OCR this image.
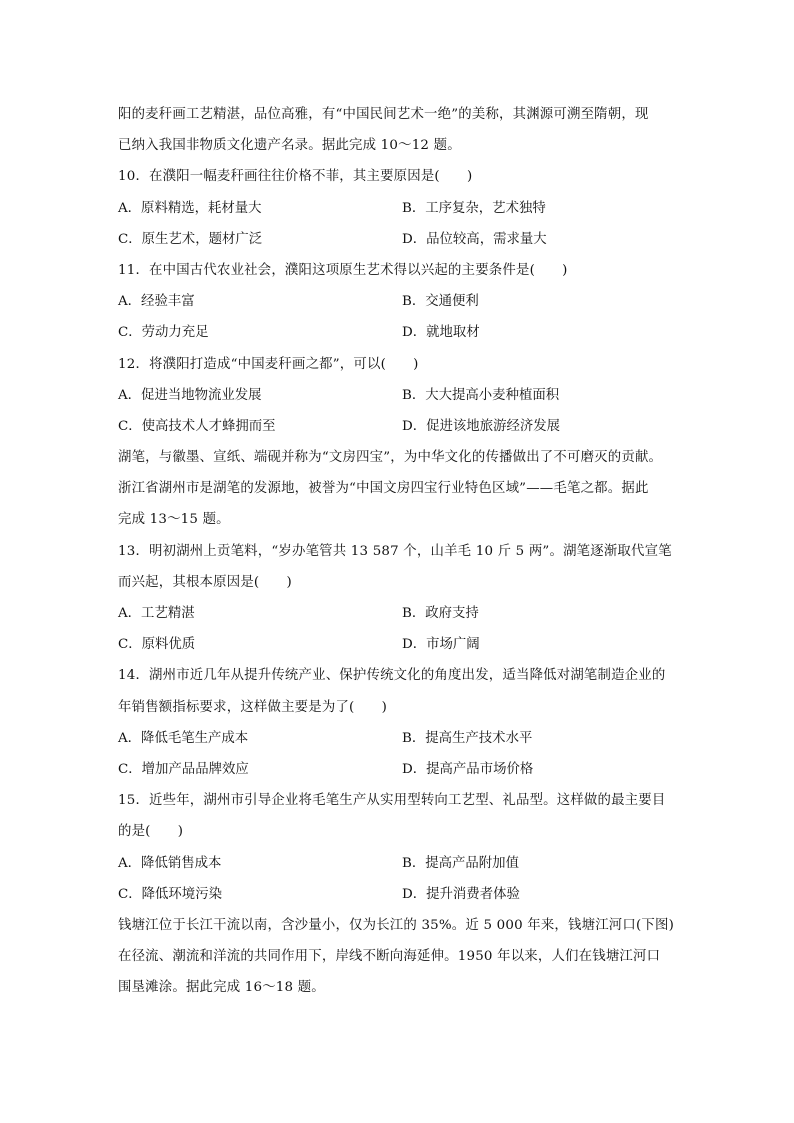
阳的麦秆画工艺精湛，品位高雅，有“中国民间艺术一绝”的美称，其渊源可溯至隋朝，现
已纳入我国非物质文化遗产名录。据此完成 10～12 题。
10．在濮阳一幅麦秆画往往价格不菲，其主要原因是(　　)
A．原料精选，耗材量大	B．工序复杂，艺术独特
C．原生艺术，题材广泛	D．品位较高，需求量大
11．在中国古代农业社会，濮阳这项原生艺术得以兴起的主要条件是(　　)
A．经验丰富	B．交通便利
C．劳动力充足	D．就地取材
12．将濮阳打造成“中国麦秆画之都”，可以(　　)
A．促进当地物流业发展	B．大大提高小麦种植面积
C．使高技术人才蜂拥而至	D．促进该地旅游经济发展
湖笔，与徽墨、宣纸、端砚并称为“文房四宝”，为中华文化的传播做出了不可磨灭的贡献。
浙江省湖州市是湖笔的发源地，被誉为“中国文房四宝行业特色区域”——毛笔之都。据此
完成 13～15 题。
13．明初湖州上贡笔料，“岁办笔管共 13 587 个，山羊毛 10 斤 5 两”。湖笔逐渐取代宣笔
而兴起，其根本原因是(　　)
A．工艺精湛	B．政府支持
C．原料优质	D．市场广阔
14．湖州市近几年从提升传统产业、保护传统文化的角度出发，适当降低对湖笔制造企业的
年销售额指标要求，这样做主要是为了(　　)
A．降低毛笔生产成本	B．提高生产技术水平
C．增加产品品牌效应	D．提高产品市场价格
15．近些年，湖州市引导企业将毛笔生产从实用型转向工艺型、礼品型。这样做的最主要目
的是(　　)
A．降低销售成本	B．提高产品附加值
C．降低环境污染	D．提升消费者体验
钱塘江位于长江干流以南，含沙量小，仅为长江的 35%。近 5 000 年来，钱塘江河口(下图)
在径流、潮流和洋流的共同作用下，岸线不断向海延伸。1950 年以来，人们在钱塘江河口
围垦滩涂。据此完成 16～18 题。
